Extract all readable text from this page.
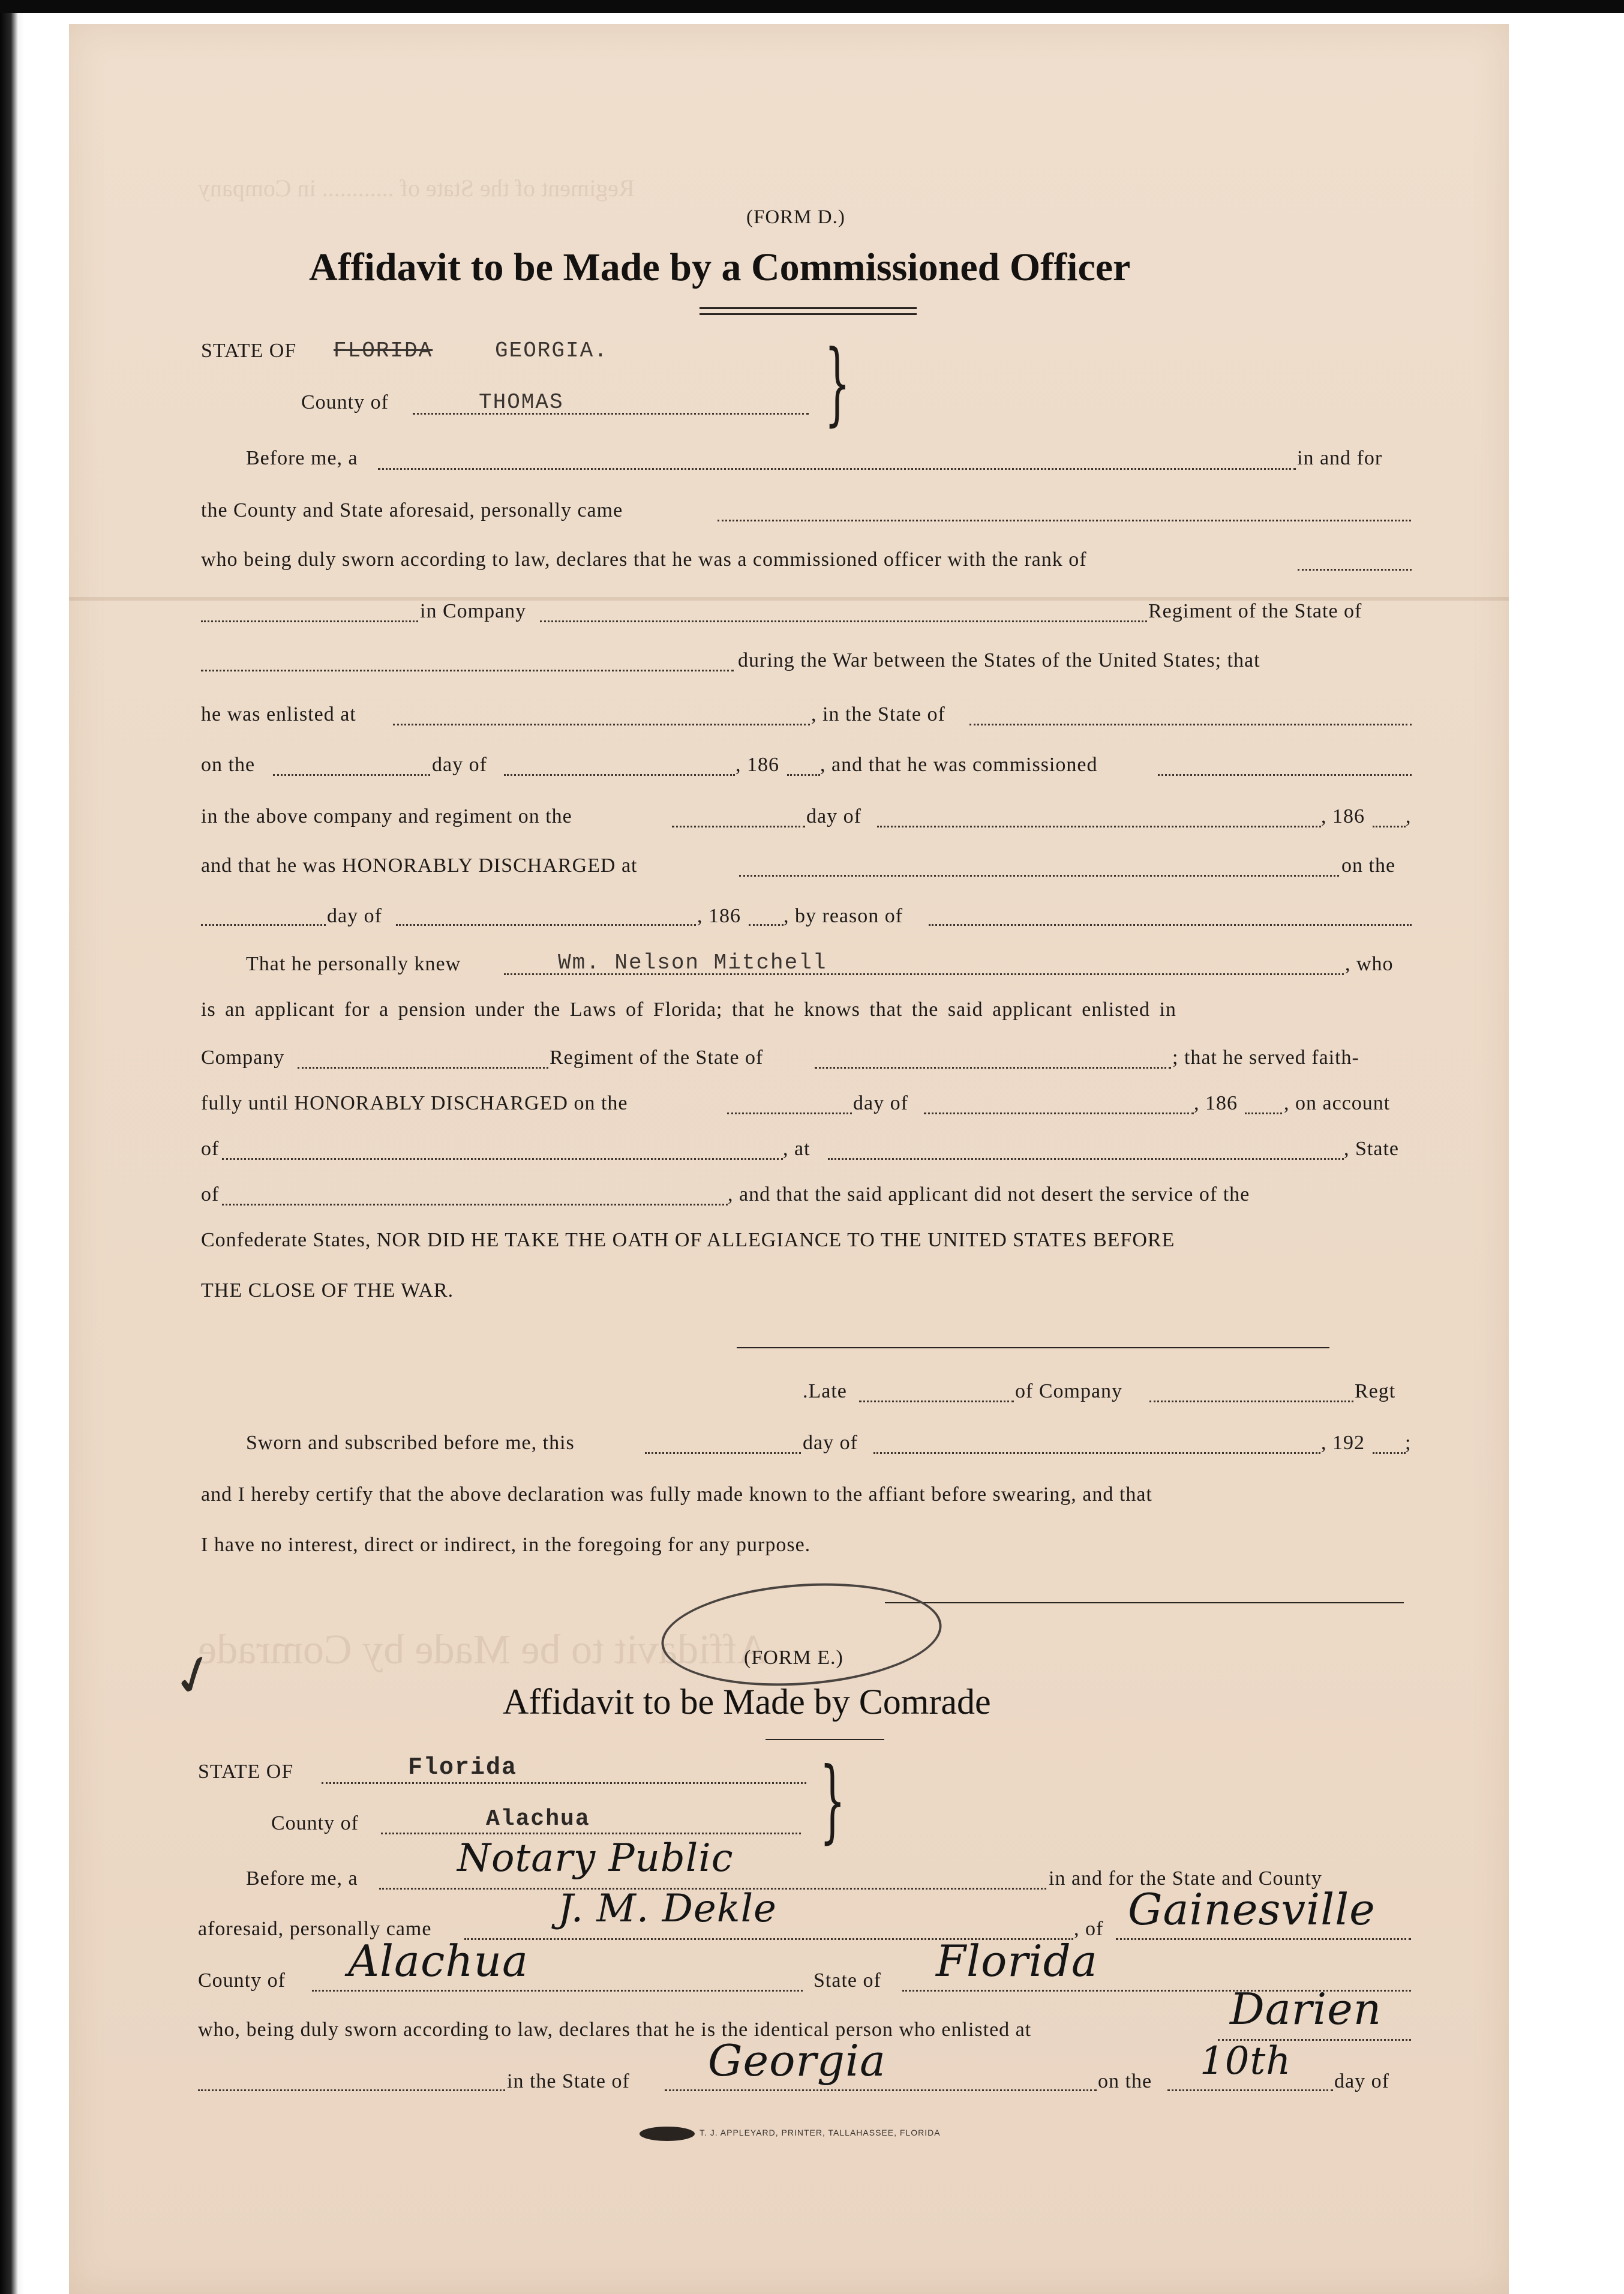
Regiment of the State of ............ in Company
Affidavit to be Made by Comrade
(FORM D.)
Affidavit to be Made by a Commissioned Officer
STATE OF FLORIDA	GEORGIA.
County of	THOMAS	}
Before me, a	in and for
the County and State aforesaid, personally came
who being duly sworn according to law, declares that he was a commissioned officer with the rank of
in Company	Regiment of the State of
during the War between the States of the United States; that
he was enlisted at	, in the State of
on the	day of	, 186 , and that he was commissioned
in the above company and regiment on the	day of	, 186 ,
and that he was HONORABLY DISCHARGED at	on the
day of	, 186 , by reason of
That he personally knew	Wm. Nelson Mitchell	, who
is an applicant for a pension under the Laws of Florida; that he knows that the said applicant enlisted in
Company	Regiment of the State of	; that he served faith-
fully until HONORABLY DISCHARGED on the	day of	, 186 , on account
of	, at	, State
of	, and that the said applicant did not desert the service of the
Confederate States, NOR DID HE TAKE THE OATH OF ALLEGIANCE TO THE UNITED STATES BEFORE
THE CLOSE OF THE WAR.
.Late	of Company	Regt
Sworn and subscribed before me, this	day of	, 192 ;
and I hereby certify that the above declaration was fully made known to the affiant before swearing, and that
I have no interest, direct or indirect, in the foregoing for any purpose.
✓	(FORM E.)
Affidavit to be Made by Comrade
STATE OF	Florida
County of	Alachua	}
Before me, a	Notary Public	in and for the State and County
aforesaid, personally came	J. M. Dekle	, of Gainesville
County of Alachua	State of Florida
who, being duly sworn according to law, declares that he is the identical person who enlisted at	Darien
in the State of Georgia	on the 10th day of
T. J. APPLEYARD, PRINTER, TALLAHASSEE, FLORIDA
